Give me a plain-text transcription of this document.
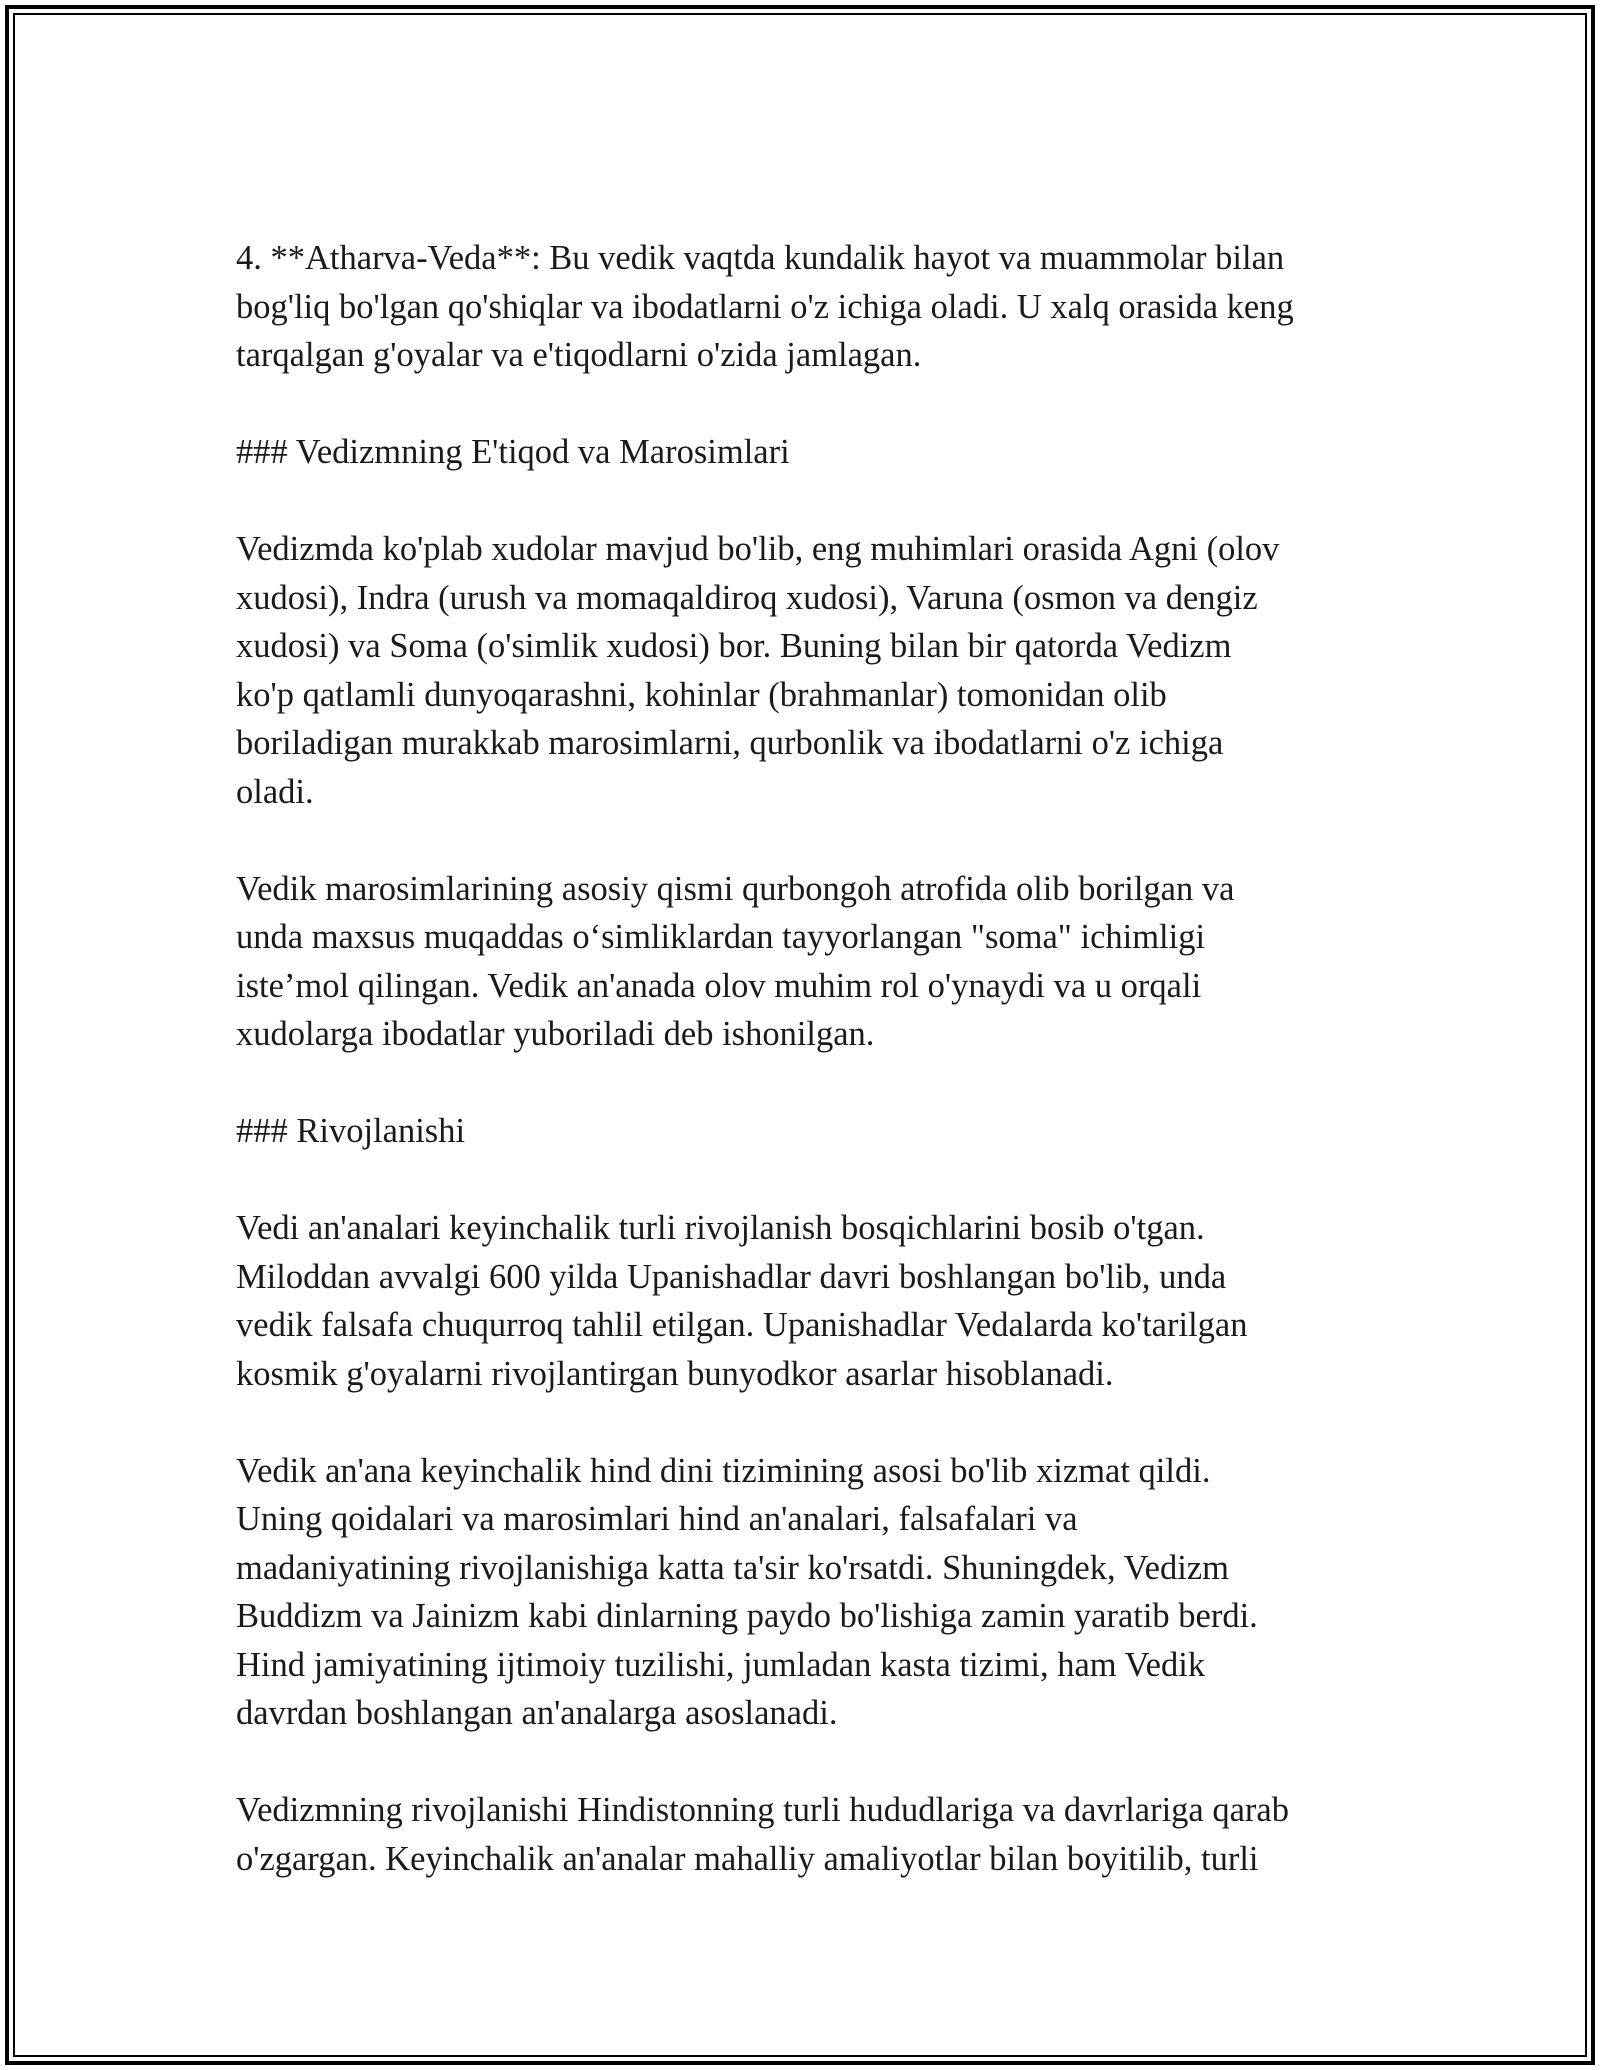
4. **Atharva-Veda**: Bu vedik vaqtda kundalik hayot va muammolar bilan
bog'liq bo'lgan qo'shiqlar va ibodatlarni o'z ichiga oladi. U xalq orasida keng
tarqalgan g'oyalar va e'tiqodlarni o'zida jamlagan.

### Vedizmning E'tiqod va Marosimlari

Vedizmda ko'plab xudolar mavjud bo'lib, eng muhimlari orasida Agni (olov
xudosi), Indra (urush va momaqaldiroq xudosi), Varuna (osmon va dengiz
xudosi) va Soma (o'simlik xudosi) bor. Buning bilan bir qatorda Vedizm
ko'p qatlamli dunyoqarashni, kohinlar (brahmanlar) tomonidan olib
boriladigan murakkab marosimlarni, qurbonlik va ibodatlarni o'z ichiga
oladi.

Vedik marosimlarining asosiy qismi qurbongoh atrofida olib borilgan va
unda maxsus muqaddas o‘simliklardan tayyorlangan "soma" ichimligi
iste’mol qilingan. Vedik an'anada olov muhim rol o'ynaydi va u orqali
xudolarga ibodatlar yuboriladi deb ishonilgan.

### Rivojlanishi

Vedi an'analari keyinchalik turli rivojlanish bosqichlarini bosib o'tgan.
Miloddan avvalgi 600 yilda Upanishadlar davri boshlangan bo'lib, unda
vedik falsafa chuqurroq tahlil etilgan. Upanishadlar Vedalarda ko'tarilgan
kosmik g'oyalarni rivojlantirgan bunyodkor asarlar hisoblanadi.

Vedik an'ana keyinchalik hind dini tizimining asosi bo'lib xizmat qildi.
Uning qoidalari va marosimlari hind an'analari, falsafalari va
madaniyatining rivojlanishiga katta ta'sir ko'rsatdi. Shuningdek, Vedizm
Buddizm va Jainizm kabi dinlarning paydo bo'lishiga zamin yaratib berdi.
Hind jamiyatining ijtimoiy tuzilishi, jumladan kasta tizimi, ham Vedik
davrdan boshlangan an'analarga asoslanadi.

Vedizmning rivojlanishi Hindistonning turli hududlariga va davrlariga qarab
o'zgargan. Keyinchalik an'analar mahalliy amaliyotlar bilan boyitilib, turli
